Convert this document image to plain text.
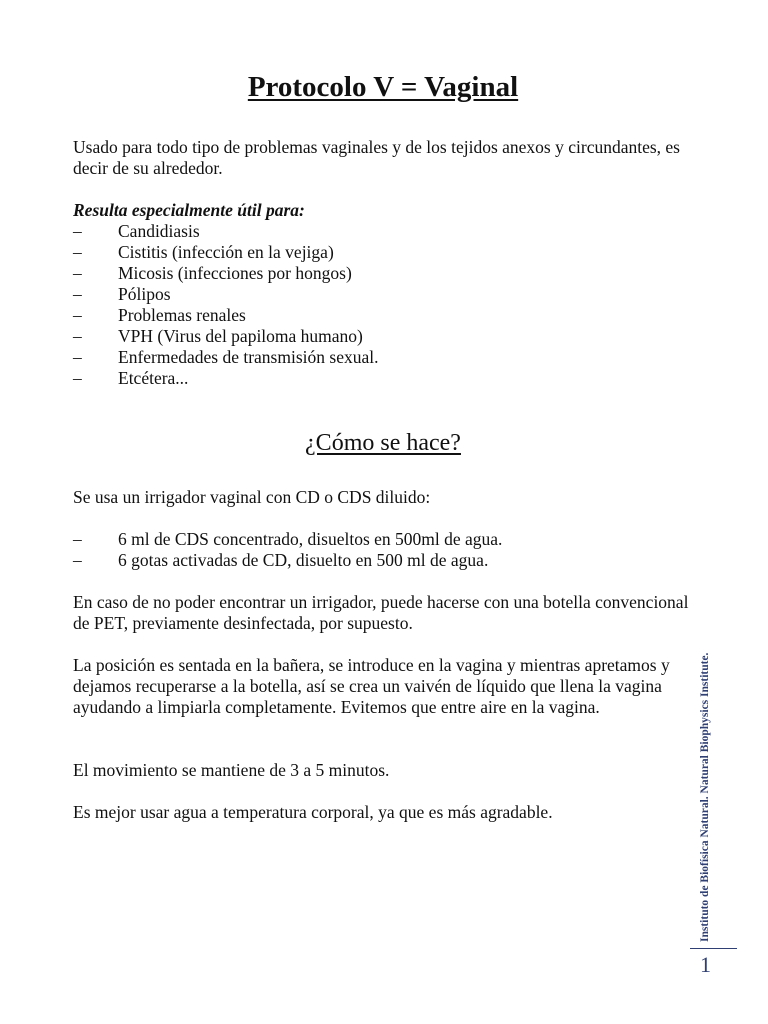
Protocolo V = Vaginal

Usado para todo tipo de problemas vaginales y de los tejidos anexos y circundantes, es decir de su alrededor.

Resulta especialmente útil para:

–	Candidiasis
–	Cistitis (infección en la vejiga)
–	Micosis (infecciones por hongos)
–	Pólipos
–	Problemas renales
–	VPH (Virus del papiloma humano)
–	Enfermedades de transmisión sexual.
–	Etcétera...
¿Cómo se hace?

Se usa un irrigador vaginal con CD o CDS diluido:

–	6 ml de CDS concentrado, disueltos en 500ml de agua.
–	6 gotas activadas de CD, disuelto en 500 ml de agua.

En caso de no poder encontrar un irrigador, puede hacerse con una botella convencional de PET, previamente desinfectada, por supuesto.

La posición es sentada en la bañera, se introduce en la vagina y mientras apretamos y dejamos recuperarse a la botella, así se crea un vaivén de líquido que llena la vagina ayudando a limpiarla completamente. Evitemos que entre aire en la vagina.

El movimiento se mantiene de 3 a 5 minutos.

Es mejor usar agua a temperatura corporal, ya que es más agradable.	Instituto de Biofísica Natural. Natural Biophysics Institute.
1
